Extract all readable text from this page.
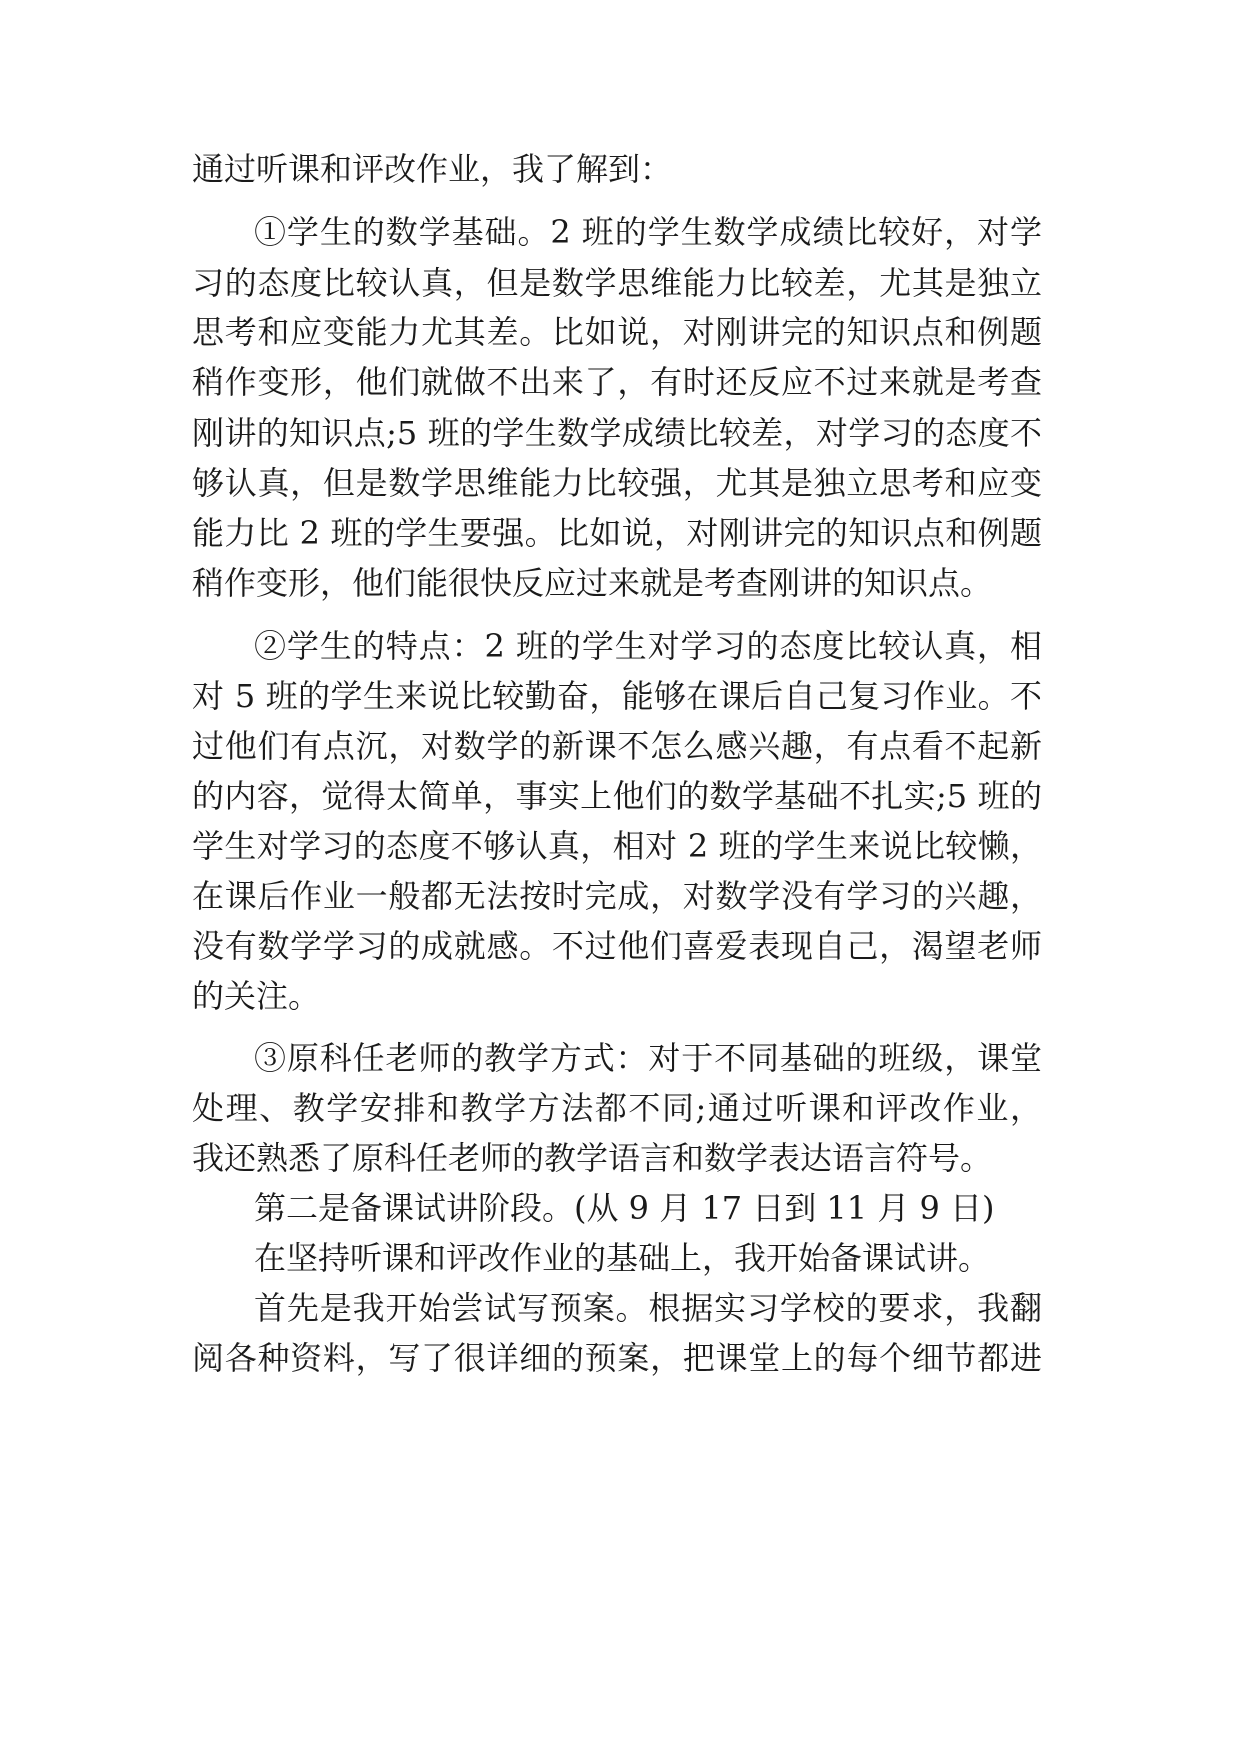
通过听课和评改作业，我了解到：

①学生的数学基础。2 班的学生数学成绩比较好，对学

习的态度比较认真，但是数学思维能力比较差，尤其是独立

思考和应变能力尤其差。比如说，对刚讲完的知识点和例题

稍作变形，他们就做不出来了，有时还反应不过来就是考查

刚讲的知识点;5 班的学生数学成绩比较差，对学习的态度不

够认真，但是数学思维能力比较强，尤其是独立思考和应变

能力比 2 班的学生要强。比如说，对刚讲完的知识点和例题

稍作变形，他们能很快反应过来就是考查刚讲的知识点。

②学生的特点：2 班的学生对学习的态度比较认真，相

对 5 班的学生来说比较勤奋，能够在课后自己复习作业。不

过他们有点沉，对数学的新课不怎么感兴趣，有点看不起新

的内容，觉得太简单，事实上他们的数学基础不扎实;5 班的

学生对学习的态度不够认真，相对 2 班的学生来说比较懒，

在课后作业一般都无法按时完成，对数学没有学习的兴趣，

没有数学学习的成就感。不过他们喜爱表现自己，渴望老师

的关注。

③原科任老师的教学方式：对于不同基础的班级，课堂

处理、教学安排和教学方法都不同;通过听课和评改作业，

我还熟悉了原科任老师的教学语言和数学表达语言符号。

第二是备课试讲阶段。(从 9 月 17 日到 11 月 9 日)

在坚持听课和评改作业的基础上，我开始备课试讲。

首先是我开始尝试写预案。根据实习学校的要求，我翻

阅各种资料，写了很详细的预案，把课堂上的每个细节都进
